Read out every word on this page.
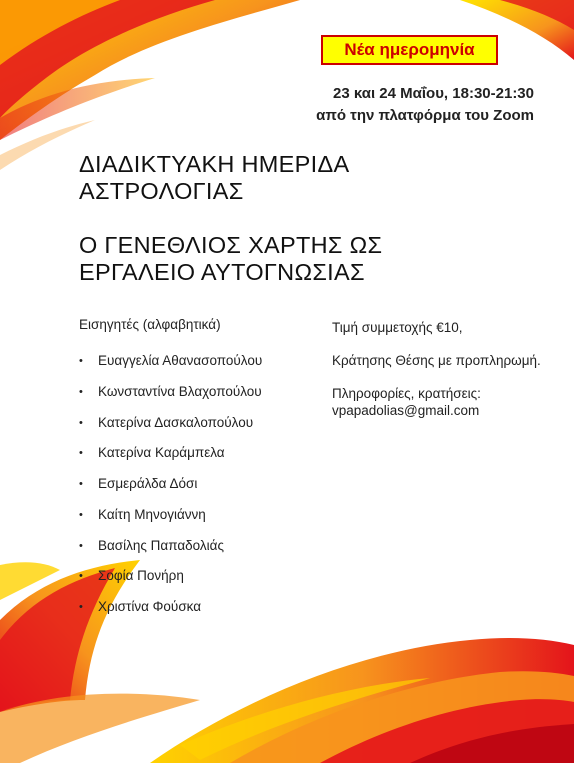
Νέα ημερομηνία
23 και 24 Μαΐου, 18:30-21:30
από την πλατφόρμα του Zoom
ΔΙΑΔΙΚΤΥΑΚΗ ΗΜΕΡΙΔΑ
ΑΣΤΡΟΛΟΓΙΑΣ
Ο ΓΕΝΕΘΛΙΟΣ ΧΑΡΤΗΣ ΩΣ
ΕΡΓΑΛΕΙΟ ΑΥΤΟΓΝΩΣΙΑΣ
Εισηγητές (αλφαβητικά)
• Ευαγγελία Αθανασοπούλου
• Κωνσταντίνα Βλαχοπούλου
• Κατερίνα Δασκαλοπούλου
• Κατερίνα Καράμπελα
• Εσμεράλδα Δόσι
• Καίτη Μηνογιάννη
• Βασίλης Παπαδολιάς
• Σοφία Πονήρη
• Χριστίνα Φούσκα

Τιμή συμμετοχής €10,

Κράτησης Θέσης με προπληρωμή.

Πληροφορίες, κρατήσεις:
vpapadolias@gmail.com
